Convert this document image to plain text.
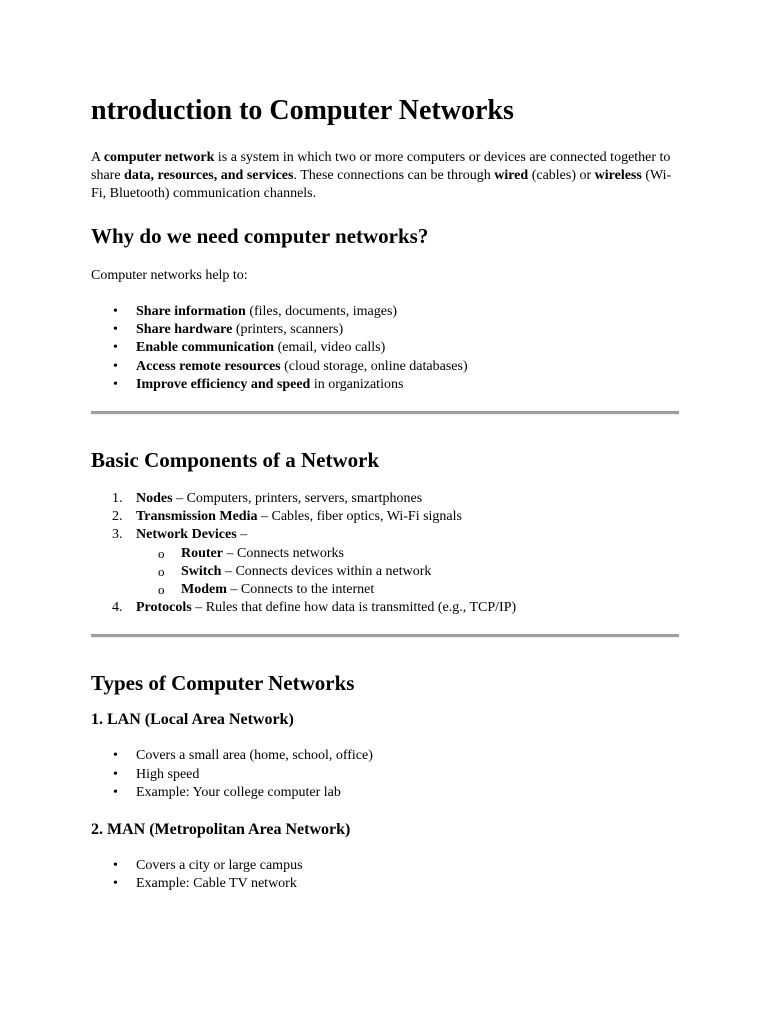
ntroduction to Computer Networks
A computer network is a system in which two or more computers or devices are connected together to share data, resources, and services. These connections can be through wired (cables) or wireless (Wi-Fi, Bluetooth) communication channels.
Why do we need computer networks?
Computer networks help to:
• Share information (files, documents, images)
• Share hardware (printers, scanners)
• Enable communication (email, video calls)
• Access remote resources (cloud storage, online databases)
• Improve efficiency and speed in organizations
Basic Components of a Network
1. Nodes – Computers, printers, servers, smartphones
2. Transmission Media – Cables, fiber optics, Wi-Fi signals
3. Network Devices –
o Router – Connects networks
o Switch – Connects devices within a network
o Modem – Connects to the internet
4. Protocols – Rules that define how data is transmitted (e.g., TCP/IP)
Types of Computer Networks
1. LAN (Local Area Network)
• Covers a small area (home, school, office)
• High speed
• Example: Your college computer lab
2. MAN (Metropolitan Area Network)
• Covers a city or large campus
• Example: Cable TV network
